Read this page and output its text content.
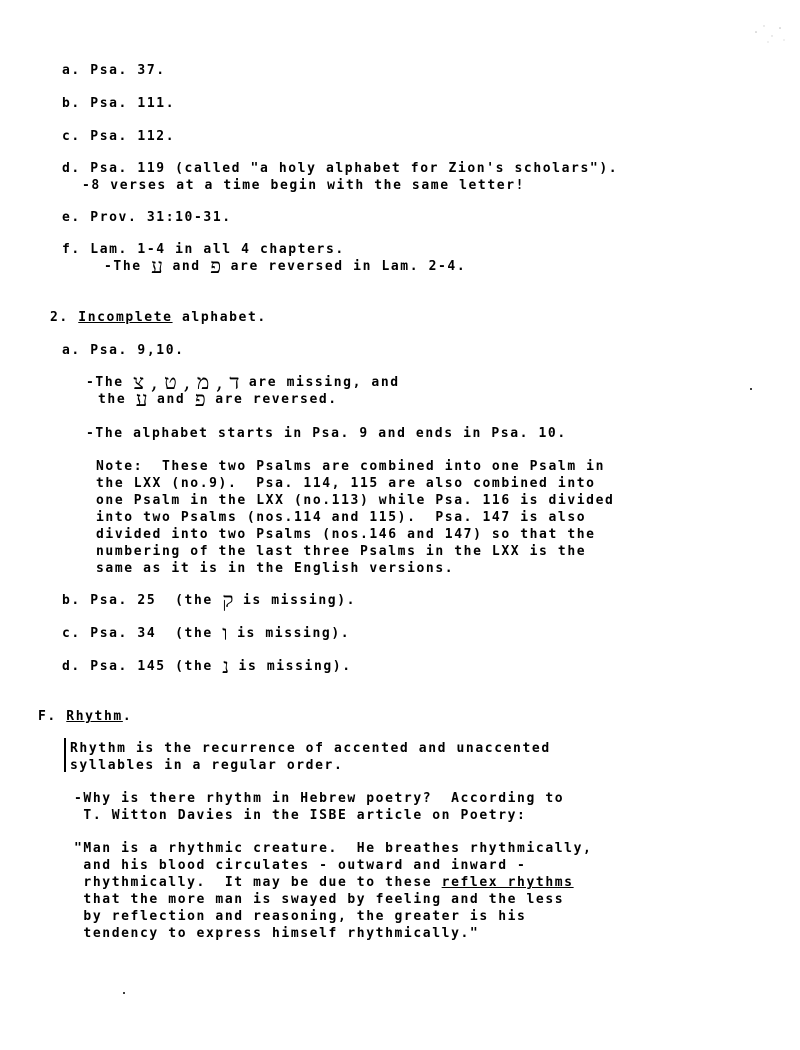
a. Psa. 37.
b. Psa. 111.
c. Psa. 112.
d. Psa. 119 (called "a holy alphabet for Zion's scholars").
-8 verses at a time begin with the same letter!
e. Prov. 31:10-31.
f. Lam. 1-4 in all 4 chapters.
-The ע and פ are reversed in Lam. 2-4.
2. Incomplete alphabet.
a. Psa. 9,10.
-The ד , מ , ט , צ are missing, and
the ע and פ are reversed.
-The alphabet starts in Psa. 9 and ends in Psa. 10.
Note:  These two Psalms are combined into one Psalm in
the LXX (no.9).  Psa. 114, 115 are also combined into
one Psalm in the LXX (no.113) while Psa. 116 is divided
into two Psalms (nos.114 and 115).  Psa. 147 is also
divided into two Psalms (nos.146 and 147) so that the
numbering of the last three Psalms in the LXX is the
same as it is in the English versions.
b. Psa. 25  (the ק is missing).
c. Psa. 34  (the ו is missing).
d. Psa. 145 (the נ is missing).
F. Rhythm.
Rhythm is the recurrence of accented and unaccented
syllables in a regular order.
-Why is there rhythm in Hebrew poetry?  According to
T. Witton Davies in the ISBE article on Poetry:
"Man is a rhythmic creature.  He breathes rhythmically,
and his blood circulates - outward and inward -
rhythmically.  It may be due to these reflex rhythms
that the more man is swayed by feeling and the less
by reflection and reasoning, the greater is his
tendency to express himself rhythmically."
